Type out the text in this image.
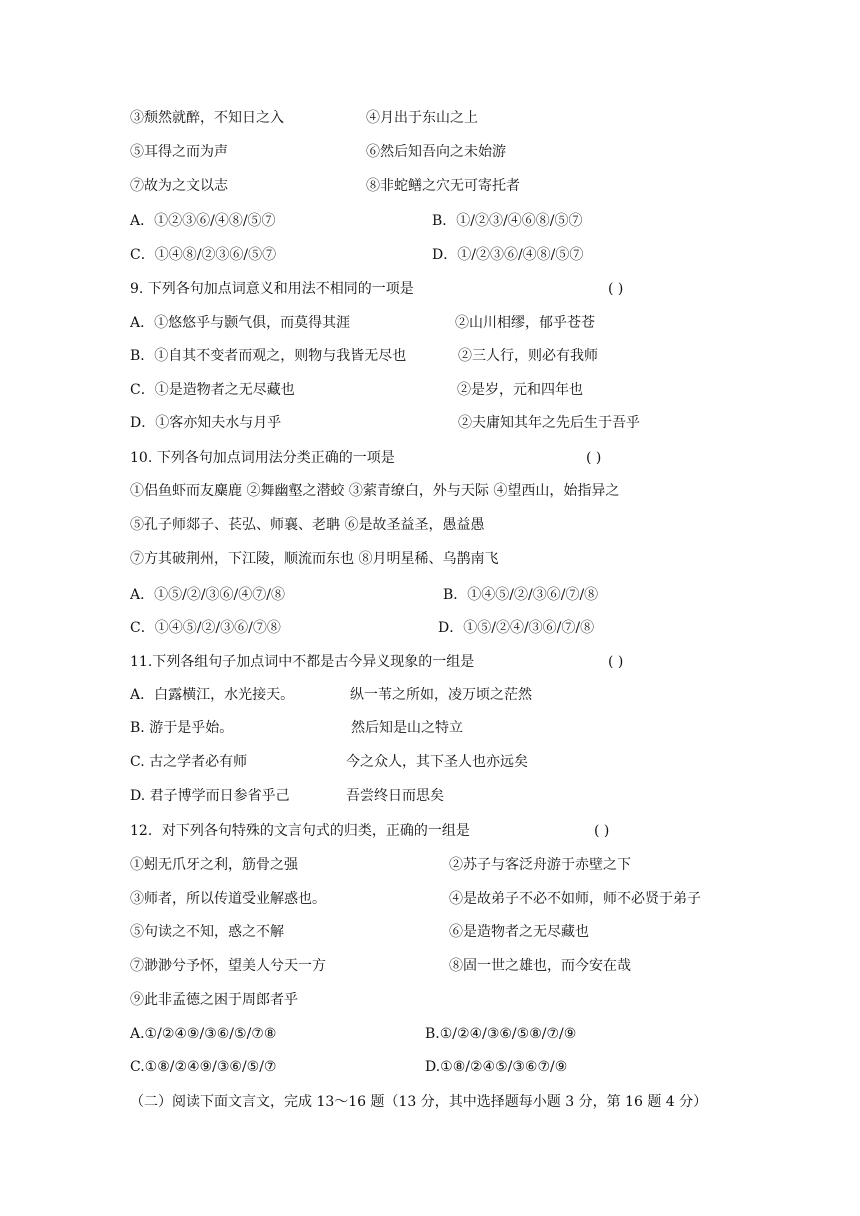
③颓然就醉，不知日之入	④月出于东山之上
⑤耳得之而为声	⑥然后知吾向之未始游
⑦故为之文以志	⑧非蛇鳝之穴无可寄托者
A．①②③⑥/④⑧/⑤⑦	B．①/②③/④⑥⑧/⑤⑦
C．①④⑧/②③⑥/⑤⑦	D．①/②③⑥/④⑧/⑤⑦
9. 下列各句加点词意义和用法不相同的一项是	( )
A．①悠悠乎与颢气俱，而莫得其涯	②山川相缪，郁乎苍苍
B．①自其不变者而观之，则物与我皆无尽也	②三人行，则必有我师
C．①是造物者之无尽藏也	②是岁，元和四年也
D．①客亦知夫水与月乎	②夫庸知其年之先后生于吾乎
10. 下列各句加点词用法分类正确的一项是	( )
①侣鱼虾而友麋鹿 ②舞幽壑之潜蛟 ③萦青缭白，外与天际 ④望西山，始指异之
⑤孔子师郯子、苌弘、师襄、老聃 ⑥是故圣益圣，愚益愚
⑦方其破荆州，下江陵，顺流而东也 ⑧月明星稀、乌鹊南飞
A．①⑤/②/③⑥/④⑦/⑧	B．①④⑤/②/③⑥/⑦/⑧
C．①④⑤/②/③⑥/⑦⑧	D．①⑤/②④/③⑥/⑦/⑧
11.下列各组句子加点词中不都是古今异义现象的一组是	( )
A．白露横江，水光接天。	纵一苇之所如，凌万顷之茫然
B. 游于是乎始。	然后知是山之特立
C. 古之学者必有师	今之众人，其下圣人也亦远矣
D. 君子博学而日参省乎己	吾尝终日而思矣
12．对下列各句特殊的文言句式的归类，正确的一组是	( )
①蚓无爪牙之利，筋骨之强	②苏子与客泛舟游于赤壁之下
③师者，所以传道受业解惑也。	④是故弟子不必不如师，师不必贤于弟子
⑤句读之不知，惑之不解	⑥是造物者之无尽藏也
⑦渺渺兮予怀，望美人兮天一方	⑧固一世之雄也，而今安在哉
⑨此非孟德之困于周郎者乎
A.①/②④⑨/③⑥/⑤/⑦⑧	B.①/②④/③⑥/⑤⑧/⑦/⑨
C.①⑧/②④⑨/③⑥/⑤/⑦	D.①⑧/②④⑤/③⑥⑦/⑨
（二）阅读下面文言文，完成 13～16 题（13 分，其中选择题每小题 3 分，第 16 题 4 分）
